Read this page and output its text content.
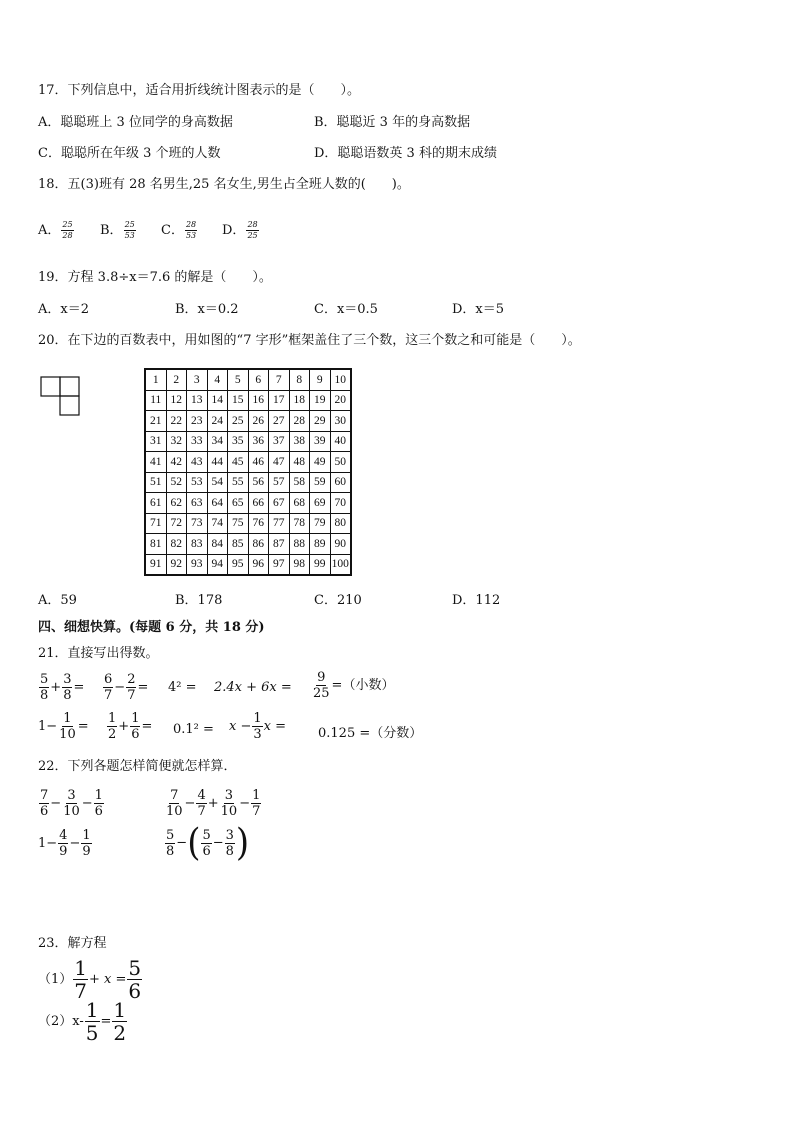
17．下列信息中，适合用折线统计图表示的是（　　）。
A．聪聪班上 3 位同学的身高数据	B．聪聪近 3 年的身高数据
C．聪聪所在年级 3 个班的人数	D．聪聪语数英 3 科的期末成绩
18．五(3)班有 28 名男生,25 名女生,男生占全班人数的(　　)。
A． $\frac{25}{28}$ B． $\frac{25}{53}$ C． $\frac{28}{53}$ D． $\frac{28}{25}$
19．方程 3.8÷x＝7.6 的解是（　　）。
A．x＝2	B．x＝0.2	C．x＝0.5	D．x＝5
20．在下边的百数表中，用如图的“7 字形”框架盖住了三个数，这三个数之和可能是（　　）。
1	2	3	4	5	6	7	8	9	10
11	12	13	14	15	16	17	18	19	20
21	22	23	24	25	26	27	28	29	30
31	32	33	34	35	36	37	38	39	40
41	42	43	44	45	46	47	48	49	50
51	52	53	54	55	56	57	58	59	60
61	62	63	64	65	66	67	68	69	70
71	72	73	74	75	76	77	78	79	80
81	82	83	84	85	86	87	88	89	90
91	92	93	94	95	96	97	98	99	100
A．59	B．178	C．210	D．112
四、细想快算。(每题 6 分，共 18 分)
21．直接写出得数。
$\frac{5}{8} + \frac{3}{8} = \frac{6}{7} - \frac{2}{7} = 4^2 = 2.4x + 6x = \frac{9}{25}$ =（小数）
$1- \frac{1}{10} = \frac{1}{2} + \frac{1}{6} = 0.1^2 = x - \frac{1}{3}$ x = 0.125 =（分数）
22．下列各题怎样简便就怎样算．
$\frac{7}{6} - \frac{3}{10} - \frac{1}{6}$	$\frac{7}{10} - \frac{4}{7} + \frac{3}{10} - \frac{1}{7}$
$1- \frac{4}{9} - \frac{1}{9}$	$\frac{5}{8}$ −( $\frac{5}{6} - \frac{3}{8}$ )
23．解方程
$(1) \frac{1}{7} + x = \frac{5}{6}$
$(2)x- \frac{1}{5} = \frac{1}{2}$
